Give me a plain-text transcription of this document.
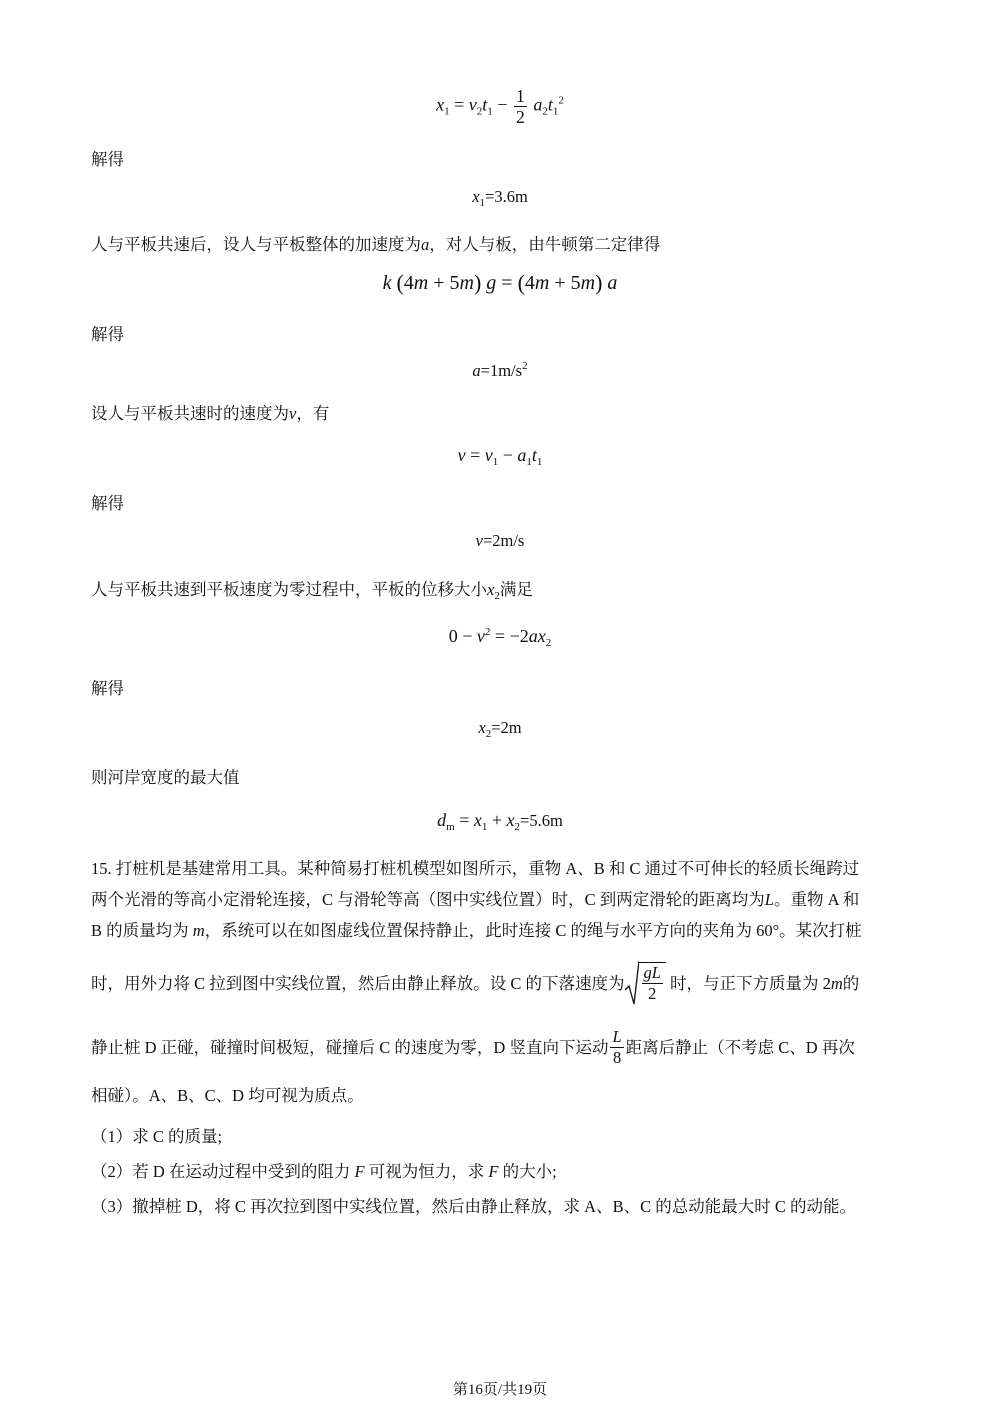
$x_1 = v_2t_1 - \frac{1}{2} a_2t_1^2$
解得
$x_1=3.6m$
人与平板共速后，设人与平板整体的加速度为a，对人与板，由牛顿第二定律得
k (4m + 5m) g = (4m + 5m) a
解得
$a=1m/s^2$
设人与平板共速时的速度为v，有
$v = v_1 - a_1t_1$
解得
v=2m/s
人与平板共速到平板速度为零过程中，平板的位移大小$x_2$满足
$0 - v^2 = -2ax_2$
解得
$x_2=2m$
则河岸宽度的最大值
$d_m = x_1 + x_2=5.6m$
15. 打桩机是基建常用工具。某种简易打桩机模型如图所示，重物 A、B 和 C 通过不可伸长的轻质长绳跨过
两个光滑的等高小定滑轮连接，C 与滑轮等高（图中实线位置）时，C 到两定滑轮的距离均为L。重物 A 和
B 的质量均为 m，系统可以在如图虚线位置保持静止，此时连接 C 的绳与水平方向的夹角为 60°。某次打桩
时，用外力将 C 拉到图中实线位置，然后由静止释放。设 C 的下落速度为 $\frac{gL}{2}$ 时，与正下方质量为 2 m 的
静止桩 D 正碰，碰撞时间极短，碰撞后 C 的速度为零，D 竖直向下运动 $\frac{L}{8}$ 距离后静止（不考虑 C、D 再次
相碰）。A、B、C、D 均可视为质点。
（1）求 C 的质量;
（2）若 D 在运动过程中受到的阻力 F 可视为恒力，求 F 的大小;
（3）撤掉桩 D，将 C 再次拉到图中实线位置，然后由静止释放，求 A、B、C 的总动能最大时 C 的动能。
第16页/共19页
